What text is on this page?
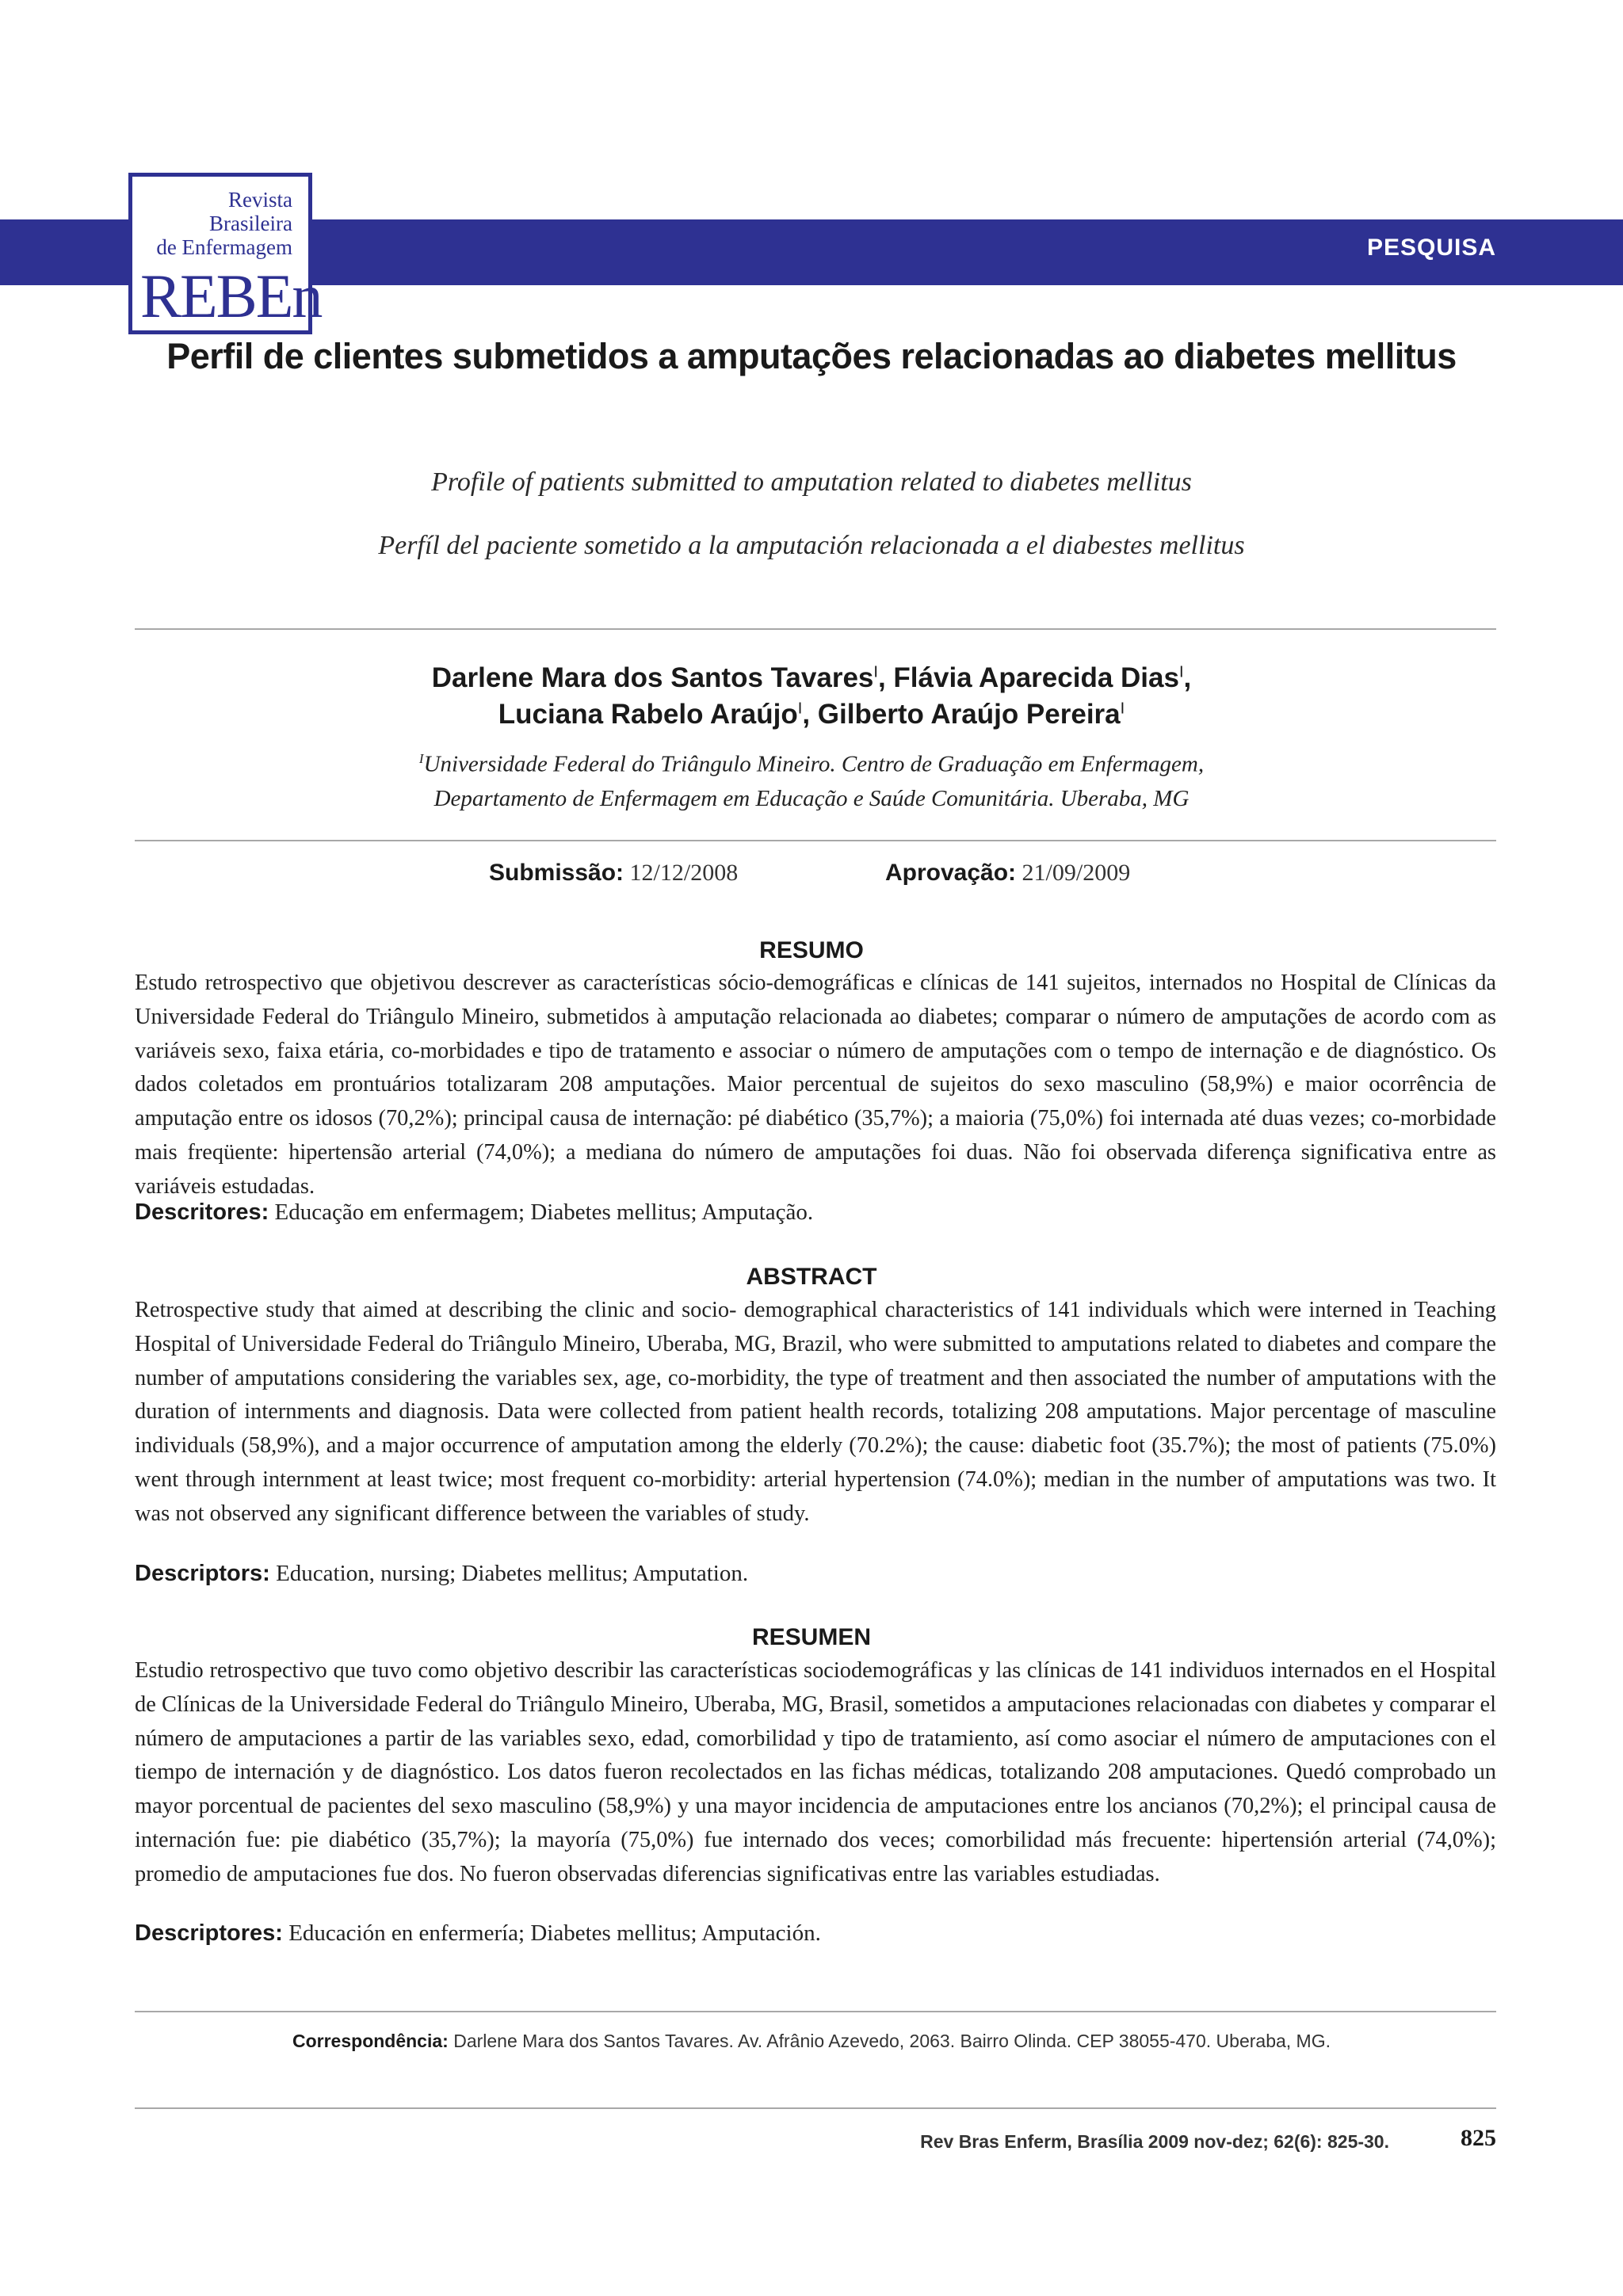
PESQUISA
Revista
Brasileira
de Enfermagem
REBEn
Perfil de clientes submetidos a amputações relacionadas ao diabetes mellitus
Profile of patients submitted to amputation related to diabetes mellitus
Perfíl del paciente sometido a la amputación relacionada a el diabestes mellitus
Darlene Mara dos Santos Tavares$^I$, Flávia Aparecida Dias$^I$,
Luciana Rabelo Araújo$^I$, Gilberto Araújo Pereira$^I$
$^I$Universidade Federal do Triângulo Mineiro. Centro de Graduação em Enfermagem,
Departamento de Enfermagem em Educação e Saúde Comunitária. Uberaba, MG
Submissão: 12/12/2008	Aprovação: 21/09/2009
RESUMO
Estudo retrospectivo que objetivou descrever as características sócio-demográficas e clínicas de 141 sujeitos, internados no Hospital de Clínicas da Universidade Federal do Triângulo Mineiro, submetidos à amputação relacionada ao diabetes; comparar o número de amputações de acordo com as variáveis sexo, faixa etária, co-morbidades e tipo de tratamento e associar o número de amputações com o tempo de internação e de diagnóstico. Os dados coletados em prontuários totalizaram 208 amputações. Maior percentual de sujeitos do sexo masculino (58,9%) e maior ocorrência de amputação entre os idosos (70,2%); principal causa de internação: pé diabético (35,7%); a maioria (75,0%) foi internada até duas vezes; co-morbidade mais freqüente: hipertensão arterial (74,0%); a mediana do número de amputações foi duas. Não foi observada diferença significativa entre as variáveis estudadas.
Descritores: Educação em enfermagem; Diabetes mellitus; Amputação.
ABSTRACT
Retrospective study that aimed at describing the clinic and socio- demographical characteristics of 141 individuals which were interned in Teaching Hospital of Universidade Federal do Triângulo Mineiro, Uberaba, MG, Brazil, who were submitted to amputations related to diabetes and compare the number of amputations considering the variables sex, age, co-morbidity, the type of treatment and then associated the number of amputations with the duration of internments and diagnosis. Data were collected from patient health records, totalizing 208 amputations. Major percentage of masculine individuals (58,9%), and a major occurrence of amputation among the elderly (70.2%); the cause: diabetic foot (35.7%); the most of patients (75.0%) went through internment at least twice; most frequent co-morbidity: arterial hypertension (74.0%); median in the number of amputations was two. It was not observed any significant difference between the variables of study.
Descriptors: Education, nursing; Diabetes mellitus; Amputation.
RESUMEN
Estudio retrospectivo que tuvo como objetivo describir las características sociodemográficas y las clínicas de 141 individuos internados en el Hospital de Clínicas de la Universidade Federal do Triângulo Mineiro, Uberaba, MG, Brasil, sometidos a amputaciones relacionadas con diabetes y comparar el número de amputaciones a partir de las variables sexo, edad, comorbilidad y tipo de tratamiento, así como asociar el número de amputaciones con el tiempo de internación y de diagnóstico. Los datos fueron recolectados en las fichas médicas, totalizando 208 amputaciones. Quedó comprobado un mayor porcentual de pacientes del sexo masculino (58,9%) y una mayor incidencia de amputaciones entre los ancianos (70,2%); el principal causa de internación fue: pie diabético (35,7%); la mayoría (75,0%) fue internado dos veces; comorbilidad más frecuente: hipertensión arterial (74,0%); promedio de amputaciones fue dos. No fueron observadas diferencias significativas entre las variables estudiadas.
Descriptores: Educación en enfermería; Diabetes mellitus; Amputación.
Correspondência: Darlene Mara dos Santos Tavares. Av. Afrânio Azevedo, 2063. Bairro Olinda. CEP 38055-470. Uberaba, MG.
Rev Bras Enferm, Brasília 2009 nov-dez; 62(6): 825-30.	825
